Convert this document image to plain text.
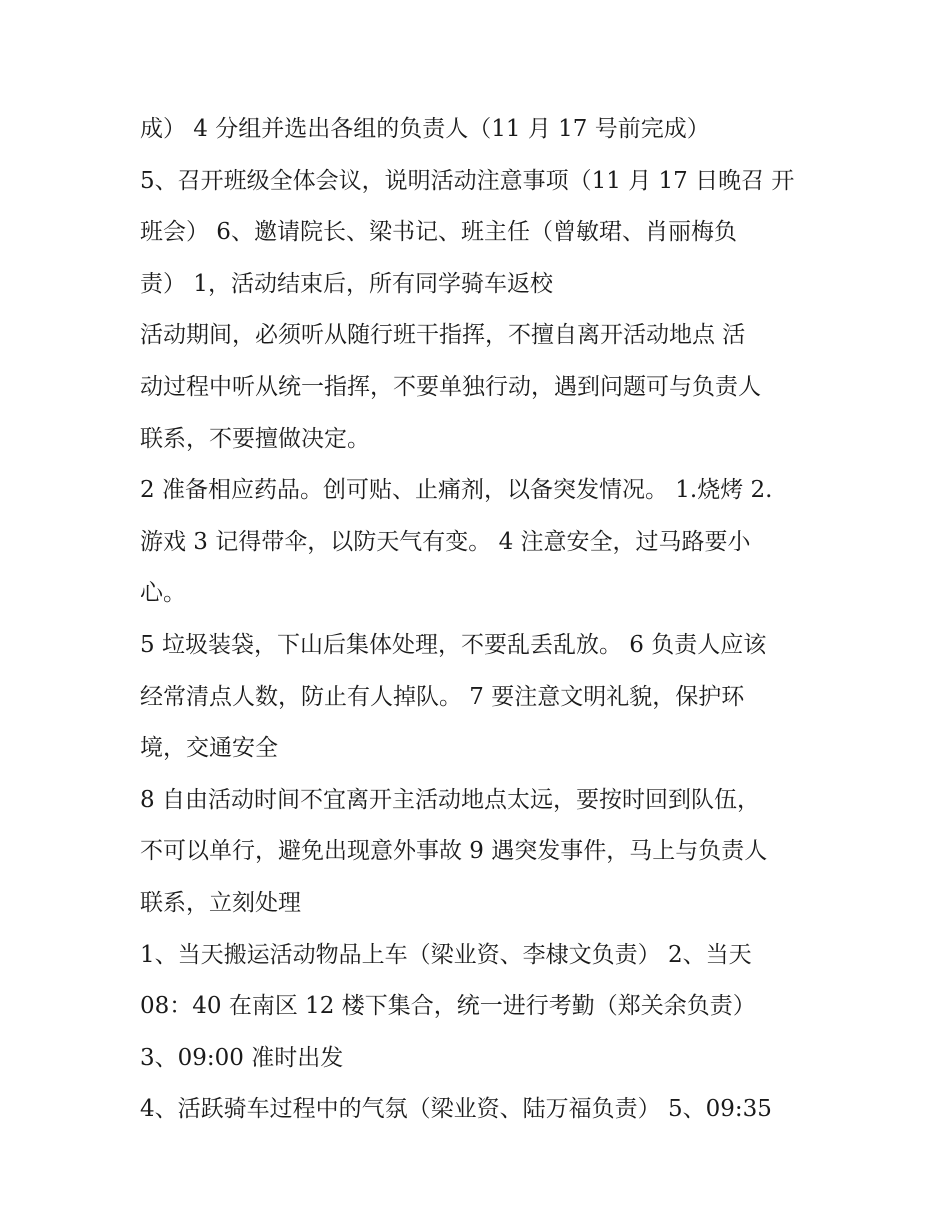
成） 4 分组并选出各组的负责人（11 月 17 号前完成）

5、召开班级全体会议，说明活动注意事项（11 月 17 日晚召 开

班会） 6、邀请院长、梁书记、班主任（曾敏珺、肖丽梅负

责） 1，活动结束后，所有同学骑车返校

活动期间，必须听从随行班干指挥，不擅自离开活动地点 活

动过程中听从统一指挥，不要单独行动，遇到问题可与负责人

联系，不要擅做决定。

2 准备相应药品。创可贴、止痛剂，以备突发情况。 1.烧烤 2.

游戏 3 记得带伞，以防天气有变。 4 注意安全，过马路要小

心。

5 垃圾装袋，下山后集体处理，不要乱丢乱放。 6 负责人应该

经常清点人数，防止有人掉队。 7 要注意文明礼貌，保护环

境，交通安全

8 自由活动时间不宜离开主活动地点太远，要按时回到队伍，

不可以单行，避免出现意外事故 9 遇突发事件，马上与负责人

联系，立刻处理

1、当天搬运活动物品上车（梁业资、李棣文负责） 2、当天

08：40 在南区 12 楼下集合，统一进行考勤（郑关余负责）

3、09:00 准时出发

4、活跃骑车过程中的气氛（梁业资、陆万福负责） 5、09:35
